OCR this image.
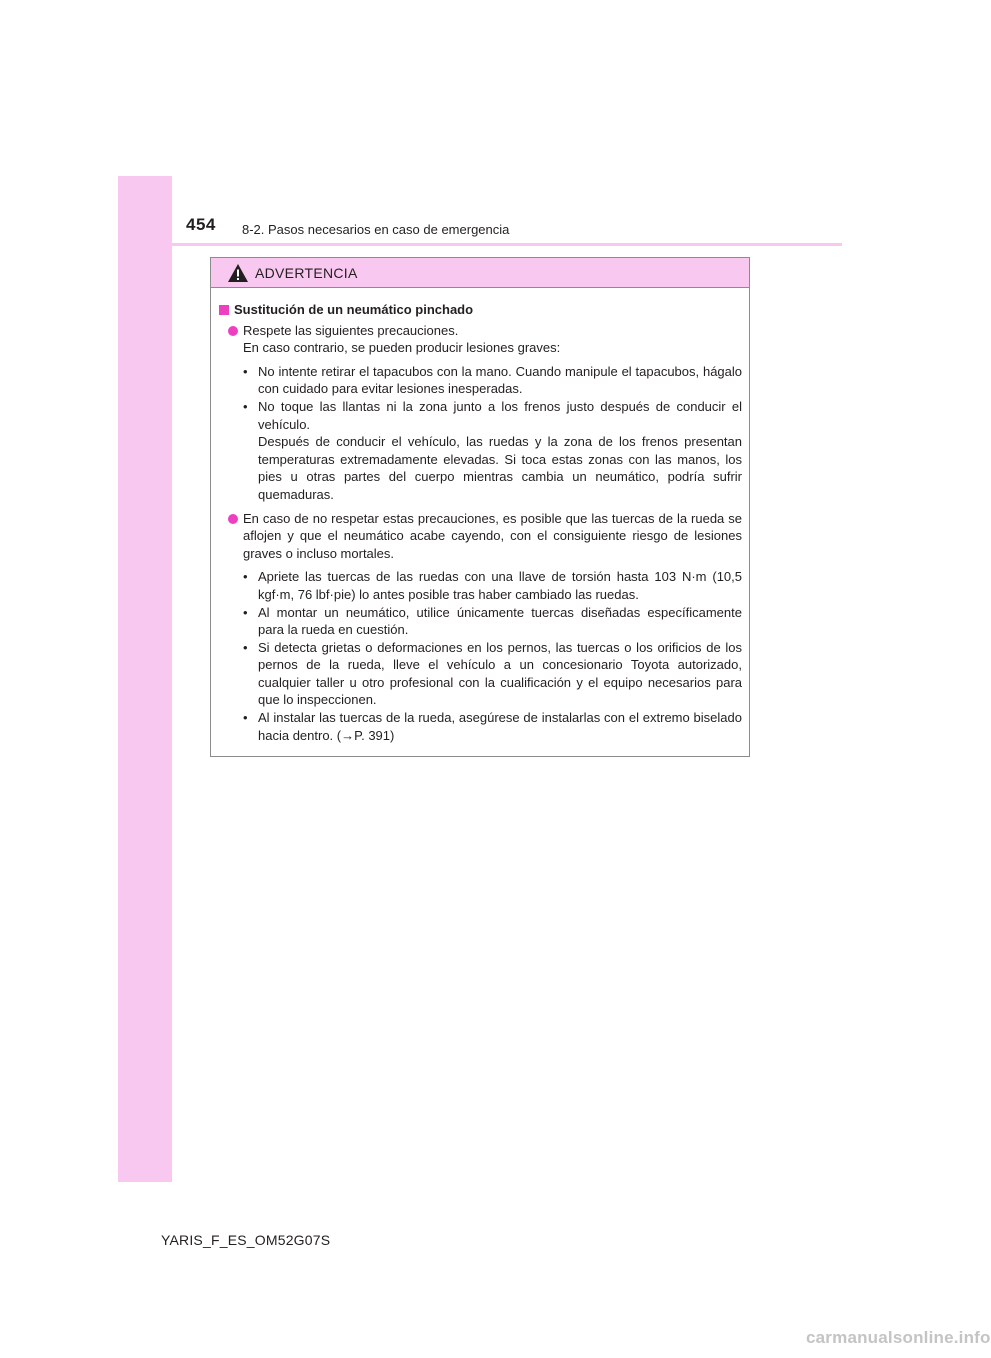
454 8-2. Pasos necesarios en caso de emergencia
ADVERTENCIA
Sustitución de un neumático pinchado

Respete las siguientes precauciones.

En caso contrario, se pueden producir lesiones graves:

• No intente retirar el tapacubos con la mano. Cuando manipule el tapacubos, hágalo con cuidado para evitar lesiones inesperadas.

• No toque las llantas ni la zona junto a los frenos justo después de conducir el vehículo.

Después de conducir el vehículo, las ruedas y la zona de los frenos presentan temperaturas extremadamente elevadas. Si toca estas zonas con las manos, los pies u otras partes del cuerpo mientras cambia un neumático, podría sufrir quemaduras.

En caso de no respetar estas precauciones, es posible que las tuercas de la rueda se aflojen y que el neumático acabe cayendo, con el consiguiente riesgo de lesiones graves o incluso mortales.

• Apriete las tuercas de las ruedas con una llave de torsión hasta 103 N·m (10,5 kgf·m, 76 lbf·pie) lo antes posible tras haber cambiado las ruedas.

• Al montar un neumático, utilice únicamente tuercas diseñadas específicamente para la rueda en cuestión.

• Si detecta grietas o deformaciones en los pernos, las tuercas o los orificios de los pernos de la rueda, lleve el vehículo a un concesionario Toyota autorizado, cualquier taller u otro profesional con la cualificación y el equipo necesarios para que lo inspeccionen.

• Al instalar las tuercas de la rueda, asegúrese de instalarlas con el extremo biselado hacia dentro. (→P. 391)

YARIS_F_ES_OM52G07S
carmanualsonline.info
